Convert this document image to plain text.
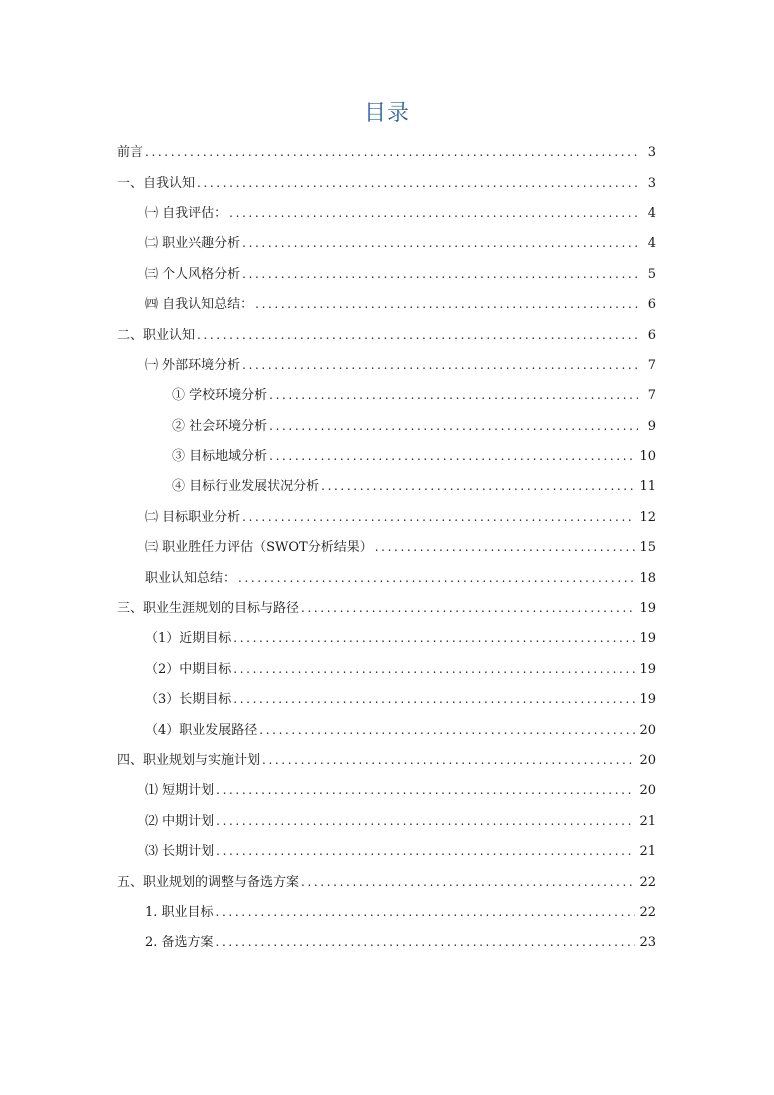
目录
前言 . . .	3
一、自我认知 . . .	3
㈠ 自我评估： . . .	4
㈡ 职业兴趣分析 . . .	4
㈢ 个人风格分析 . . .	5
㈣ 自我认知总结： . . .	6
二、职业认知 . . .	6
㈠ 外部环境分析 . . .	7
① 学校环境分析 . . .	7
② 社会环境分析 . . .	9
③ 目标地域分析 . . .	10
④ 目标行业发展状况分析 . . .	11
㈡ 目标职业分析 . . .	12
㈢ 职业胜任力评估（SWOT分析结果） . . .	15
职业认知总结： . . .	18
三、职业生涯规划的目标与路径 . . .	19
（1）近期目标 . . .	19
（2）中期目标 . . .	19
（3）长期目标 . . .	19
（4）职业发展路径 . . .	20
四、职业规划与实施计划 . . .	20
⑴ 短期计划 . . .	20
⑵ 中期计划 . . .	21
⑶ 长期计划 . . .	21
五、职业规划的调整与备选方案 . . .	22
1. 职业目标 . . .	22
2. 备选方案 . . .	23
